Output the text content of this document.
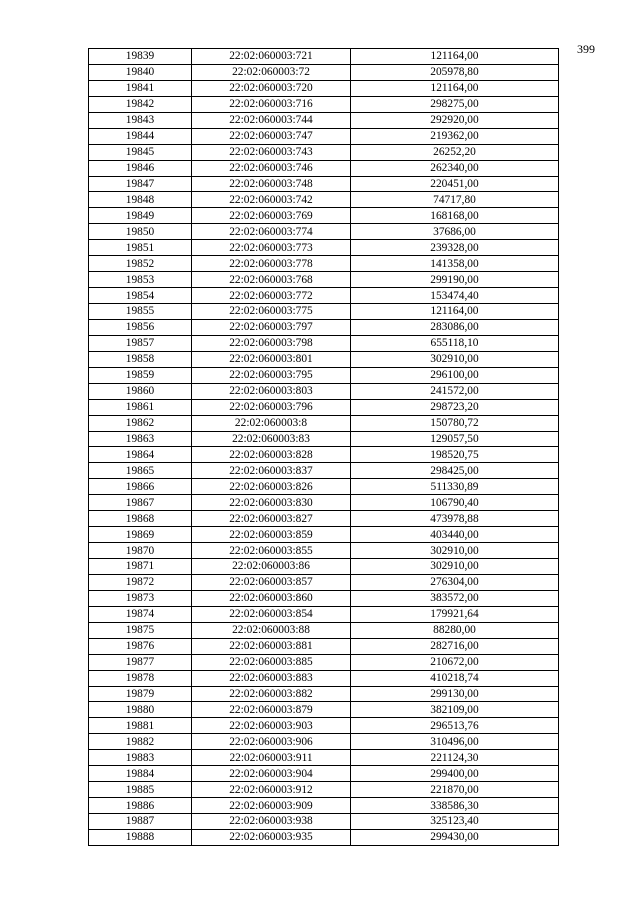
399
19839	22:02:060003:721	121164,00
19840	22:02:060003:72	205978,80
19841	22:02:060003:720	121164,00
19842	22:02:060003:716	298275,00
19843	22:02:060003:744	292920,00
19844	22:02:060003:747	219362,00
19845	22:02:060003:743	26252,20
19846	22:02:060003:746	262340,00
19847	22:02:060003:748	220451,00
19848	22:02:060003:742	74717,80
19849	22:02:060003:769	168168,00
19850	22:02:060003:774	37686,00
19851	22:02:060003:773	239328,00
19852	22:02:060003:778	141358,00
19853	22:02:060003:768	299190,00
19854	22:02:060003:772	153474,40
19855	22:02:060003:775	121164,00
19856	22:02:060003:797	283086,00
19857	22:02:060003:798	655118,10
19858	22:02:060003:801	302910,00
19859	22:02:060003:795	296100,00
19860	22:02:060003:803	241572,00
19861	22:02:060003:796	298723,20
19862	22:02:060003:8	150780,72
19863	22:02:060003:83	129057,50
19864	22:02:060003:828	198520,75
19865	22:02:060003:837	298425,00
19866	22:02:060003:826	511330,89
19867	22:02:060003:830	106790,40
19868	22:02:060003:827	473978,88
19869	22:02:060003:859	403440,00
19870	22:02:060003:855	302910,00
19871	22:02:060003:86	302910,00
19872	22:02:060003:857	276304,00
19873	22:02:060003:860	383572,00
19874	22:02:060003:854	179921,64
19875	22:02:060003:88	88280,00
19876	22:02:060003:881	282716,00
19877	22:02:060003:885	210672,00
19878	22:02:060003:883	410218,74
19879	22:02:060003:882	299130,00
19880	22:02:060003:879	382109,00
19881	22:02:060003:903	296513,76
19882	22:02:060003:906	310496,00
19883	22:02:060003:911	221124,30
19884	22:02:060003:904	299400,00
19885	22:02:060003:912	221870,00
19886	22:02:060003:909	338586,30
19887	22:02:060003:938	325123,40
19888	22:02:060003:935	299430,00
